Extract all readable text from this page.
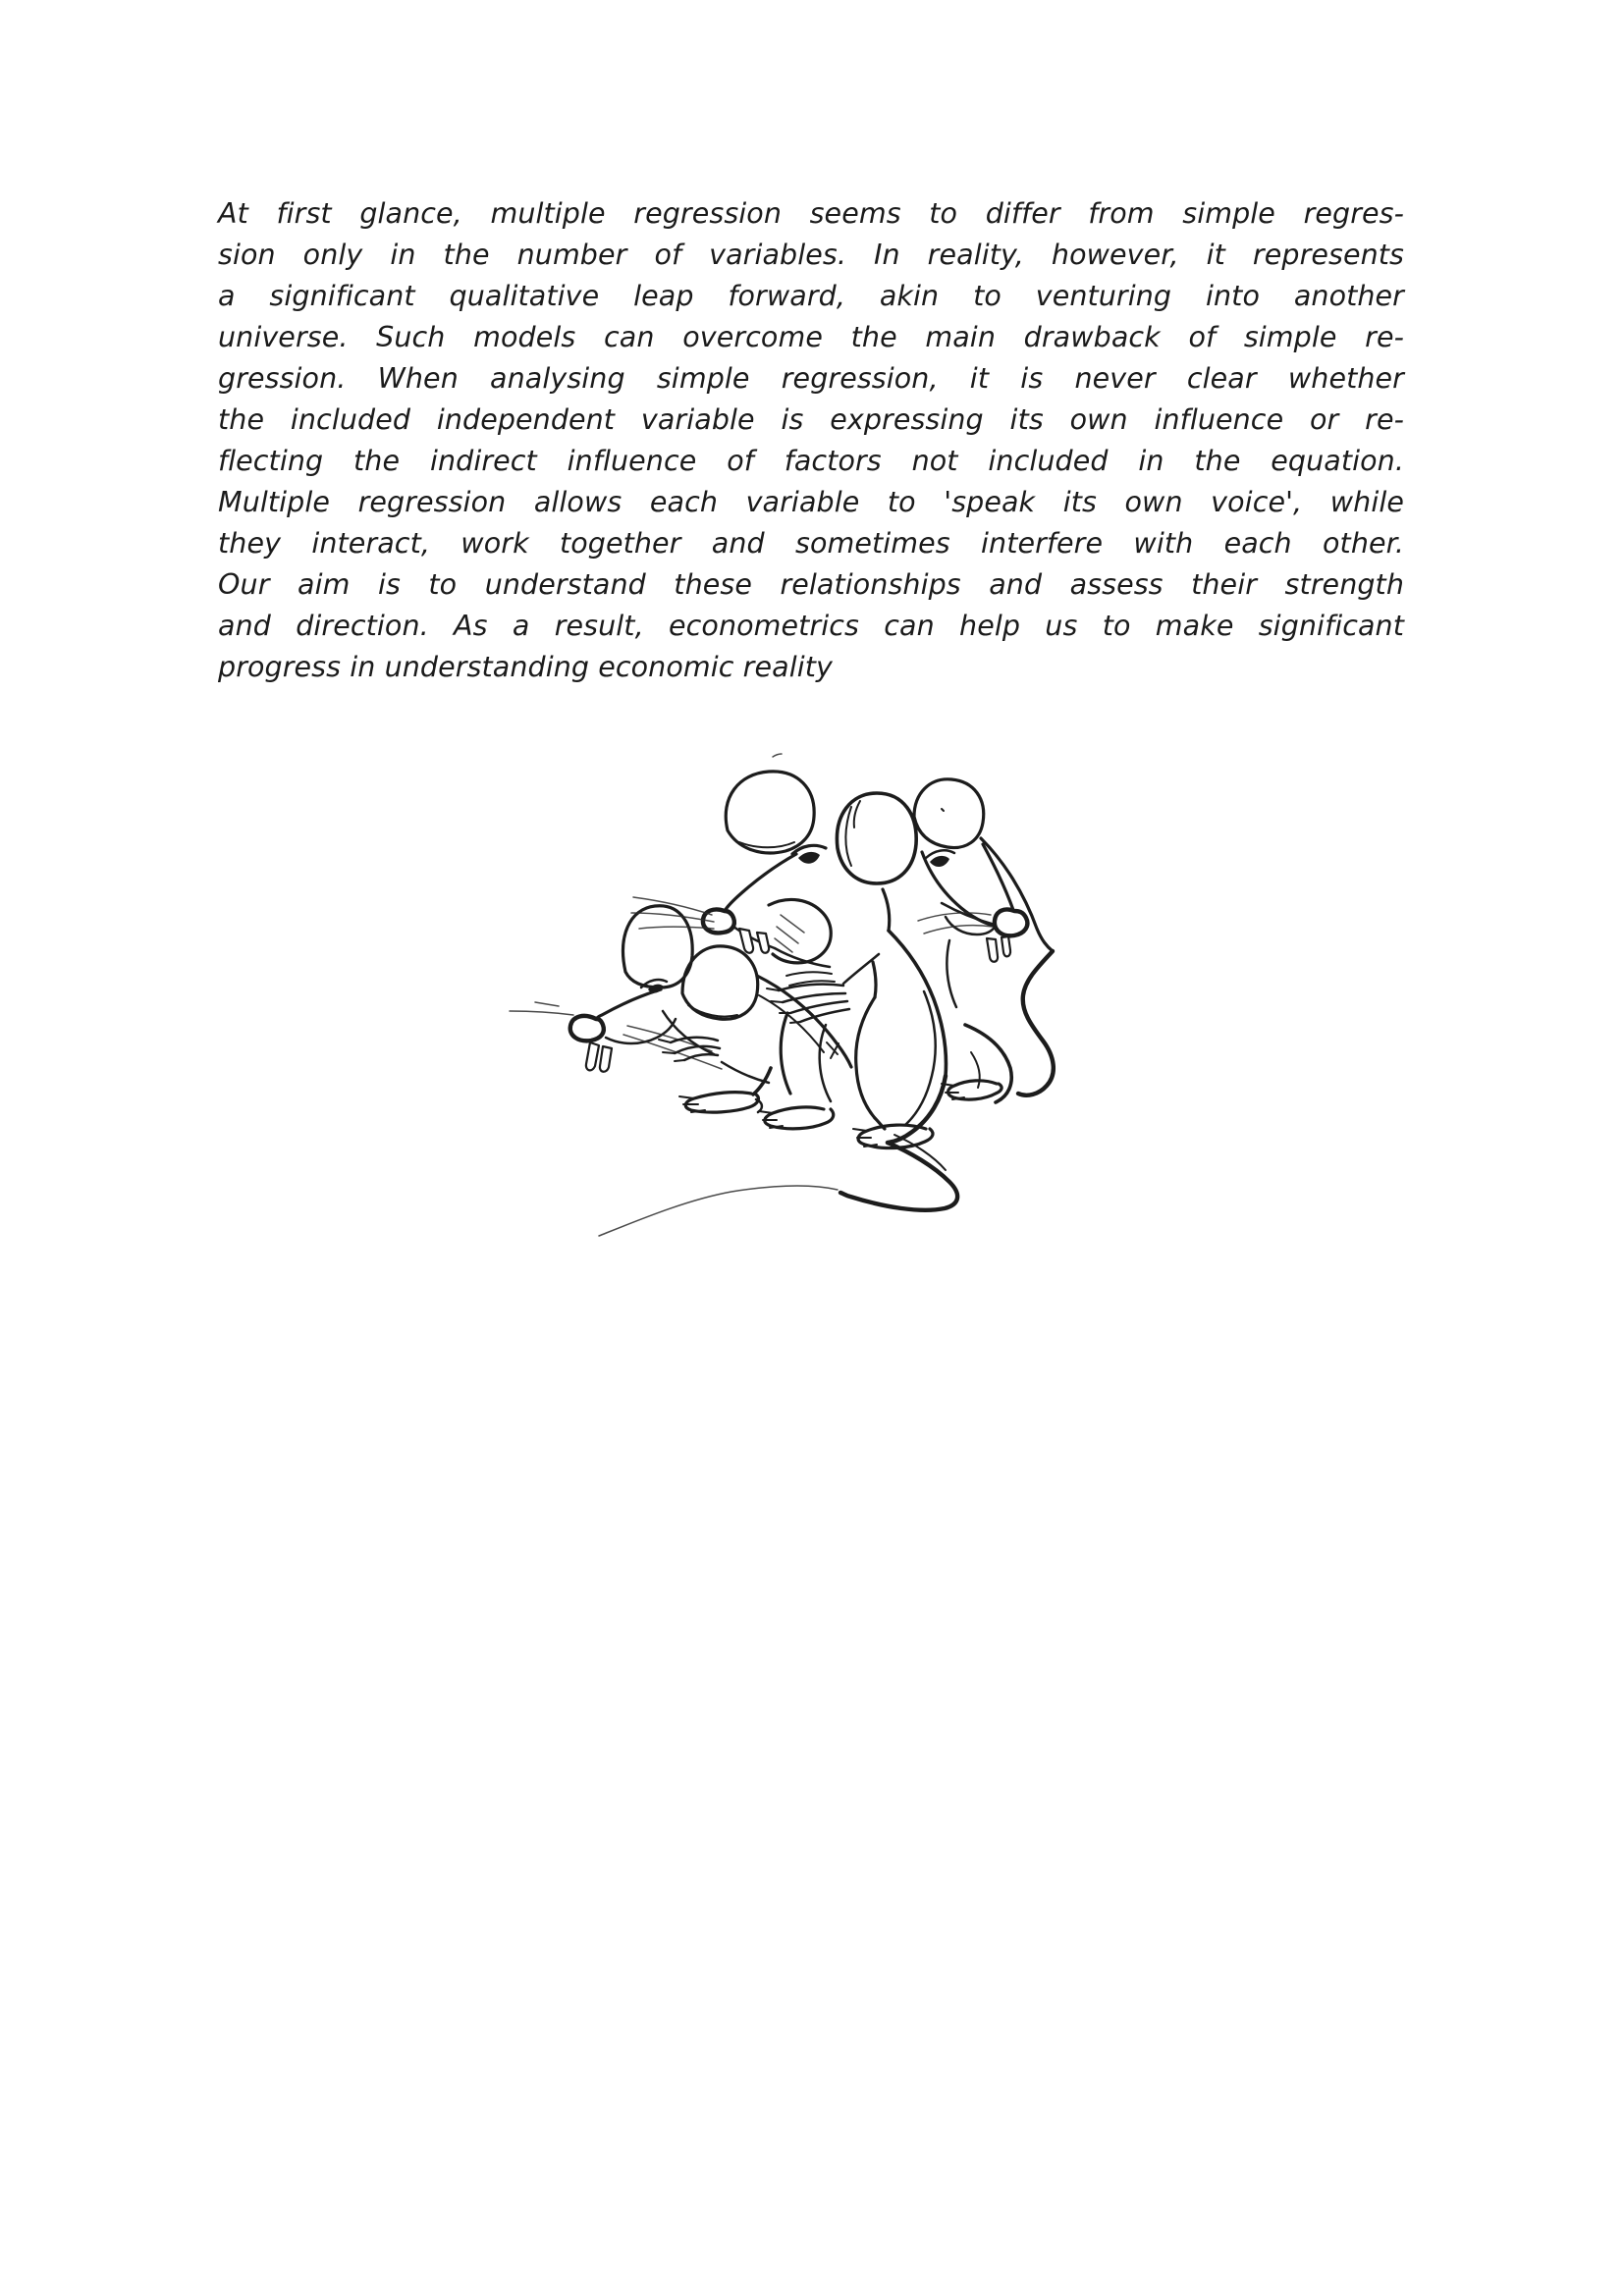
At first glance, multiple regression seems to differ from simple regres-
sion only in the number of variables. In reality, however, it represents
a significant qualitative leap forward, akin to venturing into another
universe. Such models can overcome the main drawback of simple re-
gression. When analysing simple regression, it is never clear whether
the included independent variable is expressing its own influence or re-
flecting the indirect influence of factors not included in the equation.
Multiple regression allows each variable to 'speak its own voice', while
they interact, work together and sometimes interfere with each other.
Our aim is to understand these relationships and assess their strength
and direction. As a result, econometrics can help us to make significant
progress in understanding economic reality
